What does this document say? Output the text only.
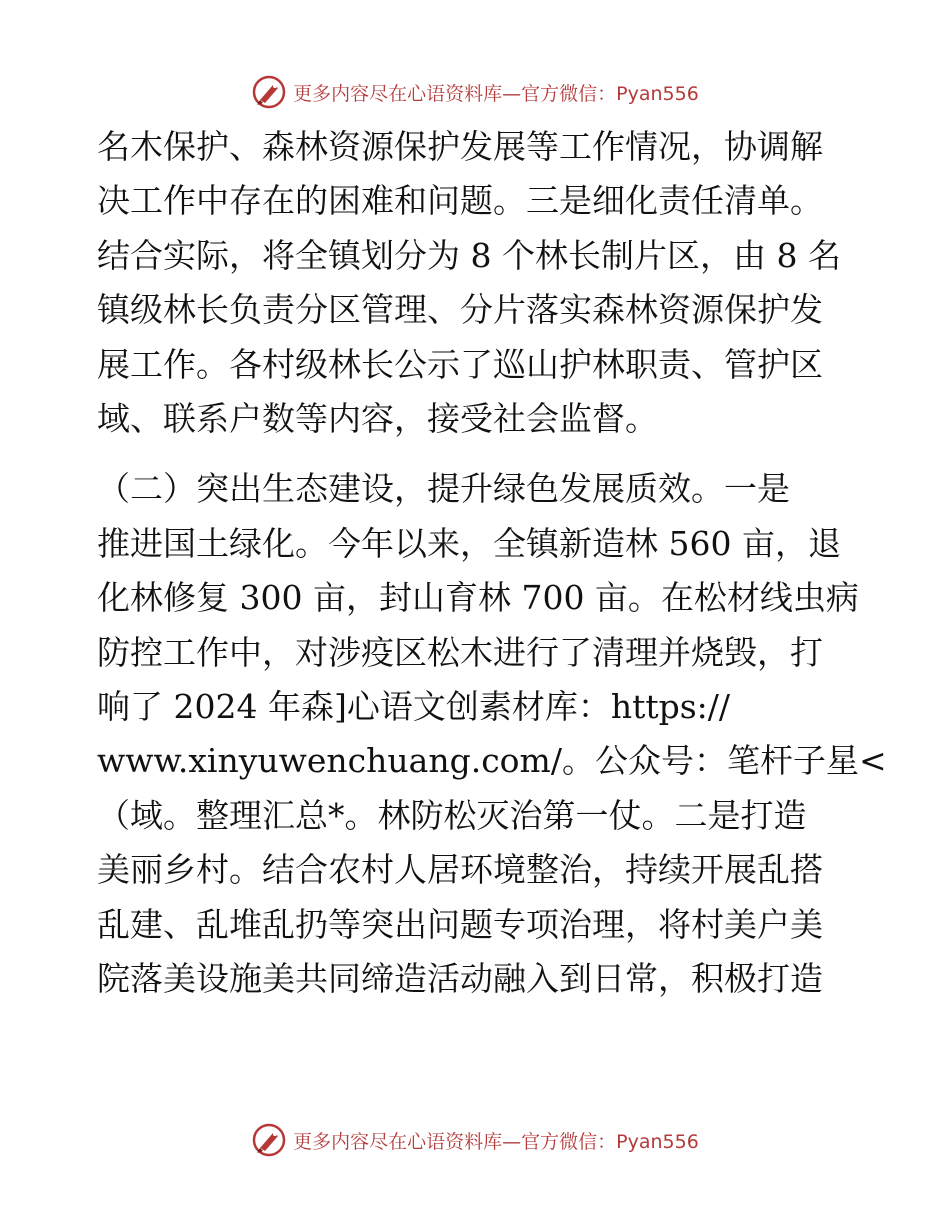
更多内容尽在心语资料库—官方微信：Pyan556

名木保护、森林资源保护发展等工作情况，协调解
决工作中存在的困难和问题。三是细化责任清单。
结合实际，将全镇划分为 8 个林长制片区，由 8 名
镇级林长负责分区管理、分片落实森林资源保护发
展工作。各村级林长公示了巡山护林职责、管护区
域、联系户数等内容，接受社会监督。

（二）突出生态建设，提升绿色发展质效。一是
推进国土绿化。今年以来，全镇新造林 560 亩，退
化林修复 300 亩，封山育林 700 亩。在松材线虫病
防控工作中，对涉疫区松木进行了清理并烧毁，打
响了 2024 年森]心语文创素材库：https://
www.xinyuwenchuang.com/。公众号：笔杆子星<
（域。整理汇总*。林防松灭治第一仗。二是打造
美丽乡村。结合农村人居环境整治，持续开展乱搭
乱建、乱堆乱扔等突出问题专项治理，将村美户美
院落美设施美共同缔造活动融入到日常，积极打造

更多内容尽在心语资料库—官方微信：Pyan556
